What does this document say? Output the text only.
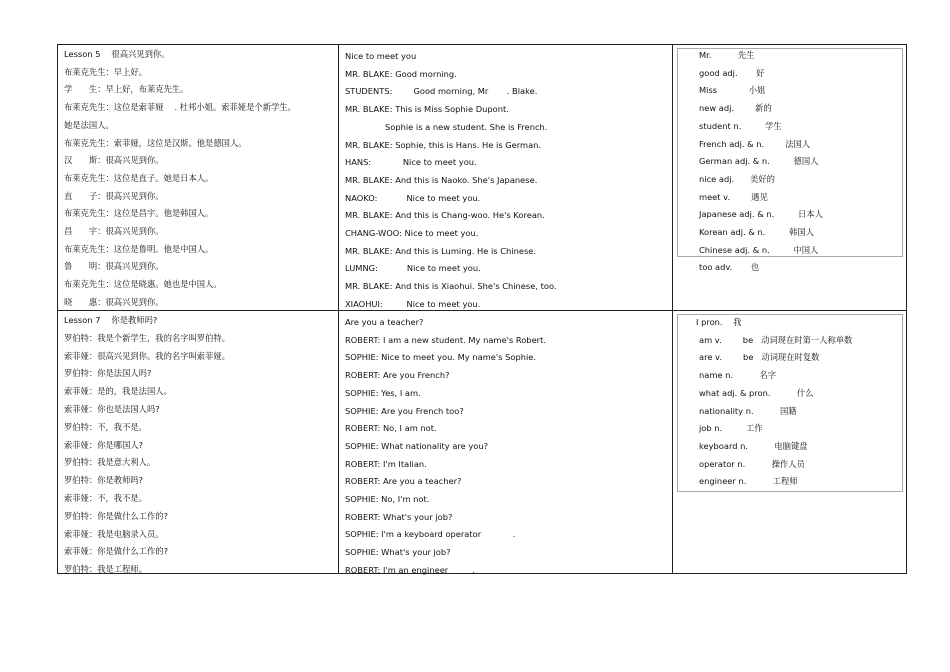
Lesson 5　 很高兴见到你。
布莱克先生：早上好。
学　　生：早上好，布莱克先生。
布莱克先生：这位是索菲娅　 . 杜邦小姐。索菲娅是个新学生。
她是法国人。
布莱克先生：索菲娅，这位是汉斯。他是德国人。
汉　　斯：很高兴见到你。
布莱克先生：这位是直子。她是日本人。
直　　子：很高兴见到你。
布莱克先生：这位是昌宇。他是韩国人。
昌　　宇：很高兴见到你。
布莱克先生：这位是鲁明。他是中国人。
鲁　　明：很高兴见到你。
布莱克先生：这位是晓惠。她也是中国人。
晓　　惠：很高兴见到你。
Nice to meet you
MR. BLAKE: Good morning.
STUDENTS:        Good morning, Mr       . Blake.
MR. BLAKE: This is Miss Sophie Dupont.
Sophie is a new student. She is French.
MR. BLAKE: Sophie, this is Hans. He is German.
HANS:            Nice to meet you.
MR. BLAKE: And this is Naoko. She's Japanese.
NAOKO:           Nice to meet you.
MR. BLAKE: And this is Chang-woo. He's Korean.
CHANG-WOO: Nice to meet you.
MR. BLAKE: And this is Luming. He is Chinese.
LUMNG:           Nice to meet you.
MR. BLAKE: And this is Xiaohui. She's Chinese, too.
XIAOHUI:         Nice to meet you.
Mr.          先生
good adj.       好
Miss            小姐
new adj.        新的
student n.         学生
French adj. & n.        法国人
German adj. & n.         德国人
nice adj.      美好的
meet v.        遇见
Japanese adj. & n.         日本人
Korean adj. & n.         韩国人
Chinese adj. & n.         中国人
too adv.       也
Lesson 7　 你是教师吗?
罗伯特：我是个新学生，我的名字叫罗伯特。
索菲娅：很高兴见到你。我的名字叫索菲娅。
罗伯特：你是法国人吗?
索菲娅：是的，我是法国人。
索菲娅：你也是法国人吗?
罗伯特：不，我不是。
索菲娅：你是哪国人?
罗伯特：我是意大利人。
罗伯特：你是教师吗?
索菲娅：不，我不是。
罗伯特：你是做什么工作的?
索菲娅：我是电脑录入员。
索菲娅：你是做什么工作的?
罗伯特：我是工程师。
Are you a teacher?
ROBERT: I am a new student. My name's Robert.
SOPHIE: Nice to meet you. My name's Sophie.
ROBERT: Are you French?
SOPHIE: Yes, I am.
SOPHIE: Are you French too?
ROBERT: No, I am not.
SOPHIE: What nationality are you?
ROBERT: I'm Italian.
ROBERT: Are you a teacher?
SOPHIE: No, I'm not.
ROBERT: What's your job?
SOPHIE: I'm a keyboard operator            .
SOPHIE: What's your job?
ROBERT: I'm an engineer         .
I pron.    我
am v.        be   动词现在时第一人称单数
are v.        be   动词现在时复数
name n.          名字
what adj. & pron.          什么
nationality n.          国籍
job n.         工作
keyboard n.          电脑键盘
operator n.          操作人员
engineer n.          工程师
